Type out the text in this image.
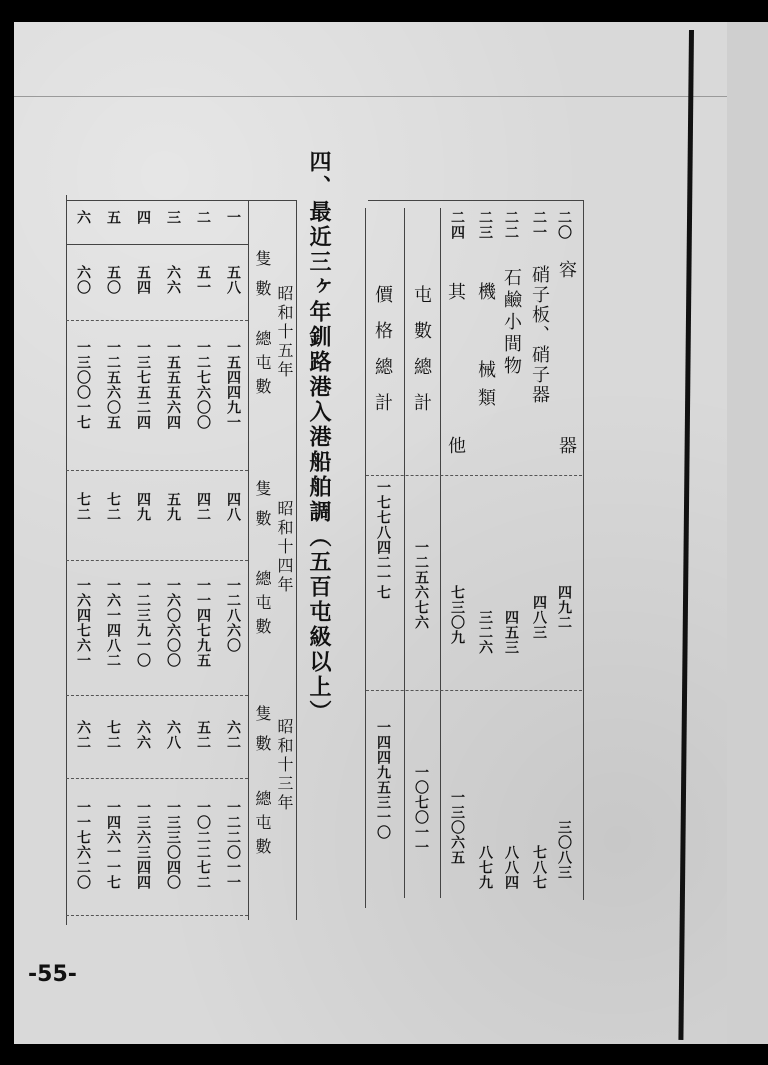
二〇
容
器
四九二
三〇八三
二一
硝子板、硝子器
四八三
七八七
二二
石鹼小間物
四五三
八八四
二三
機
械類
三二六
八七九
二四
其
他
七三〇九
一三〇六五
屯數總計
一二五六七六
一〇七〇一一
價格總計
一七七八四二一七
一四四九五三一〇
四、最近三ヶ年釧路港入港船舶調（五百屯級以上）
昭和十五年
昭和十四年
昭和十三年
隻數
總屯數
隻數
總屯數
隻數
總屯數
一
五八
一五四四九一
四八
一二八六〇
六二
一二二〇一一
二
五一
一二七六〇〇
四二
一一四七九五
五二
一〇二二七二
三
六六
一五五五六四
五九
一六〇六〇〇
六八
一三三〇四〇
四
五四
一三七五二四
四九
一二三九一〇
六六
一三六三四四
五
五〇
一二五六〇五
七二
一六一四八二
七二
一四六一一七
六
六〇
一三〇〇一七
七二
一六四七六一
六二
一一七六二〇
-55-
